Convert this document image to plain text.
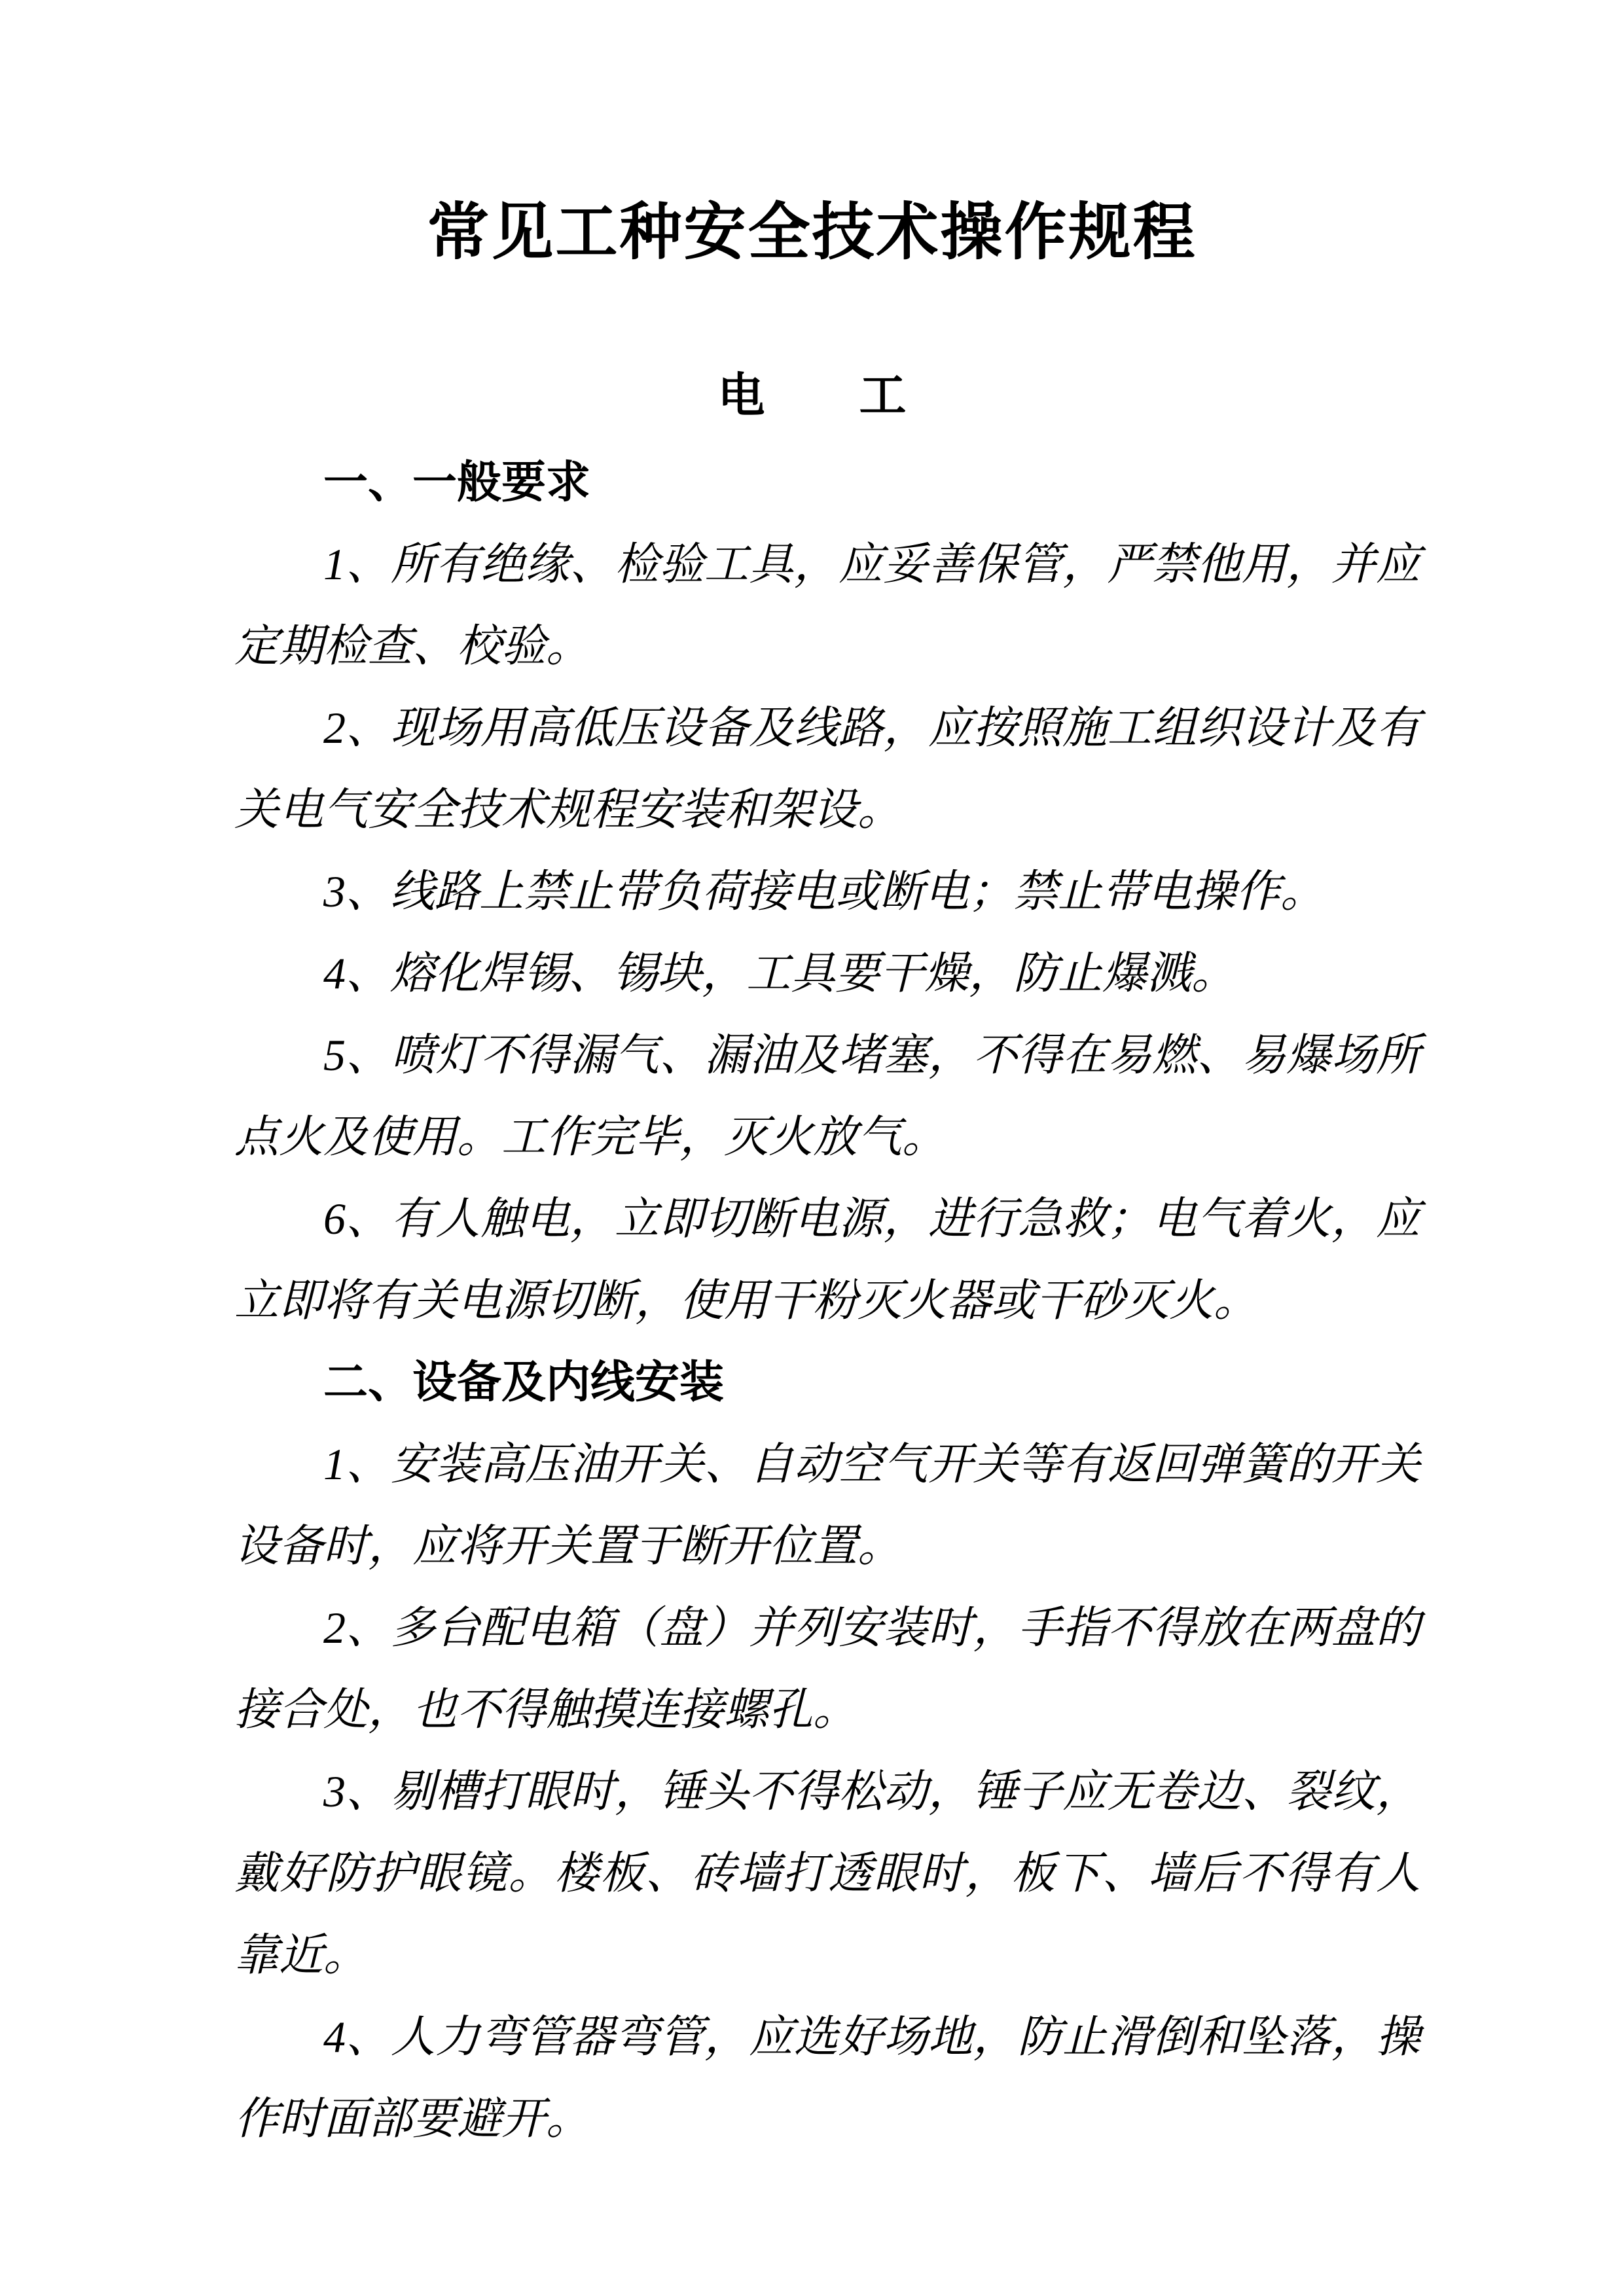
常见工种安全技术操作规程
电　　工
一、一般要求

1、所有绝缘、检验工具，应妥善保管，严禁他用，并应定期检查、校验。

2、现场用高低压设备及线路，应按照施工组织设计及有关电气安全技术规程安装和架设。

3、线路上禁止带负荷接电或断电；禁止带电操作。

4、熔化焊锡、锡块，工具要干燥，防止爆溅。

5、喷灯不得漏气、漏油及堵塞，不得在易燃、易爆场所点火及使用。工作完毕，灭火放气。

6、有人触电，立即切断电源，进行急救；电气着火，应立即将有关电源切断，使用干粉灭火器或干砂灭火。

二、设备及内线安装

1、安装高压油开关、自动空气开关等有返回弹簧的开关设备时，应将开关置于断开位置。

2、多台配电箱（盘）并列安装时，手指不得放在两盘的接合处，也不得触摸连接螺孔。

3、剔槽打眼时，锤头不得松动，锤子应无卷边、裂纹，戴好防护眼镜。楼板、砖墙打透眼时，板下、墙后不得有人靠近。

4、人力弯管器弯管，应选好场地，防止滑倒和坠落，操作时面部要避开。
